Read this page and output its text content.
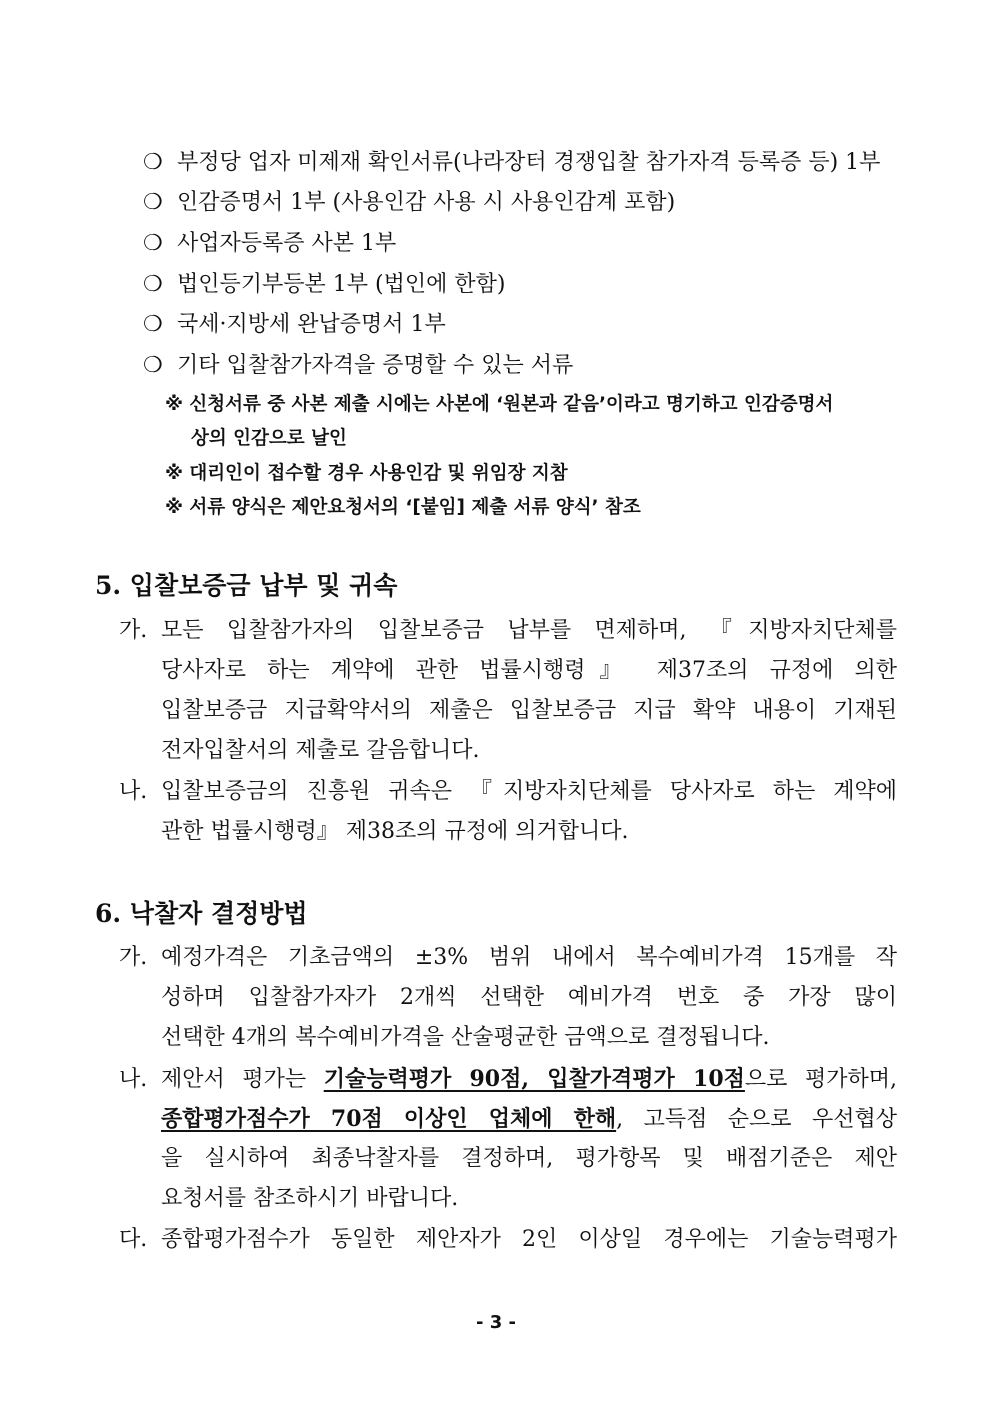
❍ 부정당 업자 미제재 확인서류(나라장터 경쟁입찰 참가자격 등록증 등) 1부
❍ 인감증명서 1부 (사용인감 사용 시 사용인감계 포함)
❍ 사업자등록증 사본 1부
❍ 법인등기부등본 1부 (법인에 한함)
❍ 국세·지방세 완납증명서 1부
❍ 기타 입찰참가자격을 증명할 수 있는 서류
※ 신청서류 중 사본 제출 시에는 사본에 ‘원본과 같음’이라고 명기하고 인감증명서
상의 인감으로 날인
※ 대리인이 접수할 경우 사용인감 및 위임장 지참
※ 서류 양식은 제안요청서의 ‘[붙임] 제출 서류 양식’ 참조
5. 입찰보증금 납부 및 귀속
가. 모든 입찰참가자의 입찰보증금 납부를 면제하며, 『지방자치단체를
당사자로 하는 계약에 관한 법률시행령』 제37조의 규정에 의한
입찰보증금 지급확약서의 제출은 입찰보증금 지급 확약 내용이 기재된
전자입찰서의 제출로 갈음합니다.
나. 입찰보증금의 진흥원 귀속은 『지방자치단체를 당사자로 하는 계약에
관한 법률시행령』 제38조의 규정에 의거합니다.
6. 낙찰자 결정방법
가. 예정가격은 기초금액의 ±3% 범위 내에서 복수예비가격 15개를 작
성하며 입찰참가자가 2개씩 선택한 예비가격 번호 중 가장 많이
선택한 4개의 복수예비가격을 산술평균한 금액으로 결정됩니다.
나. 제안서 평가는 기술능력평가 90점, 입찰가격평가 10점으로 평가하며,
종합평가점수가 70점 이상인 업체에 한해, 고득점 순으로 우선협상
을 실시하여 최종낙찰자를 결정하며, 평가항목 및 배점기준은 제안
요청서를 참조하시기 바랍니다.
다. 종합평가점수가 동일한 제안자가 2인 이상일 경우에는 기술능력평가
- 3 -
